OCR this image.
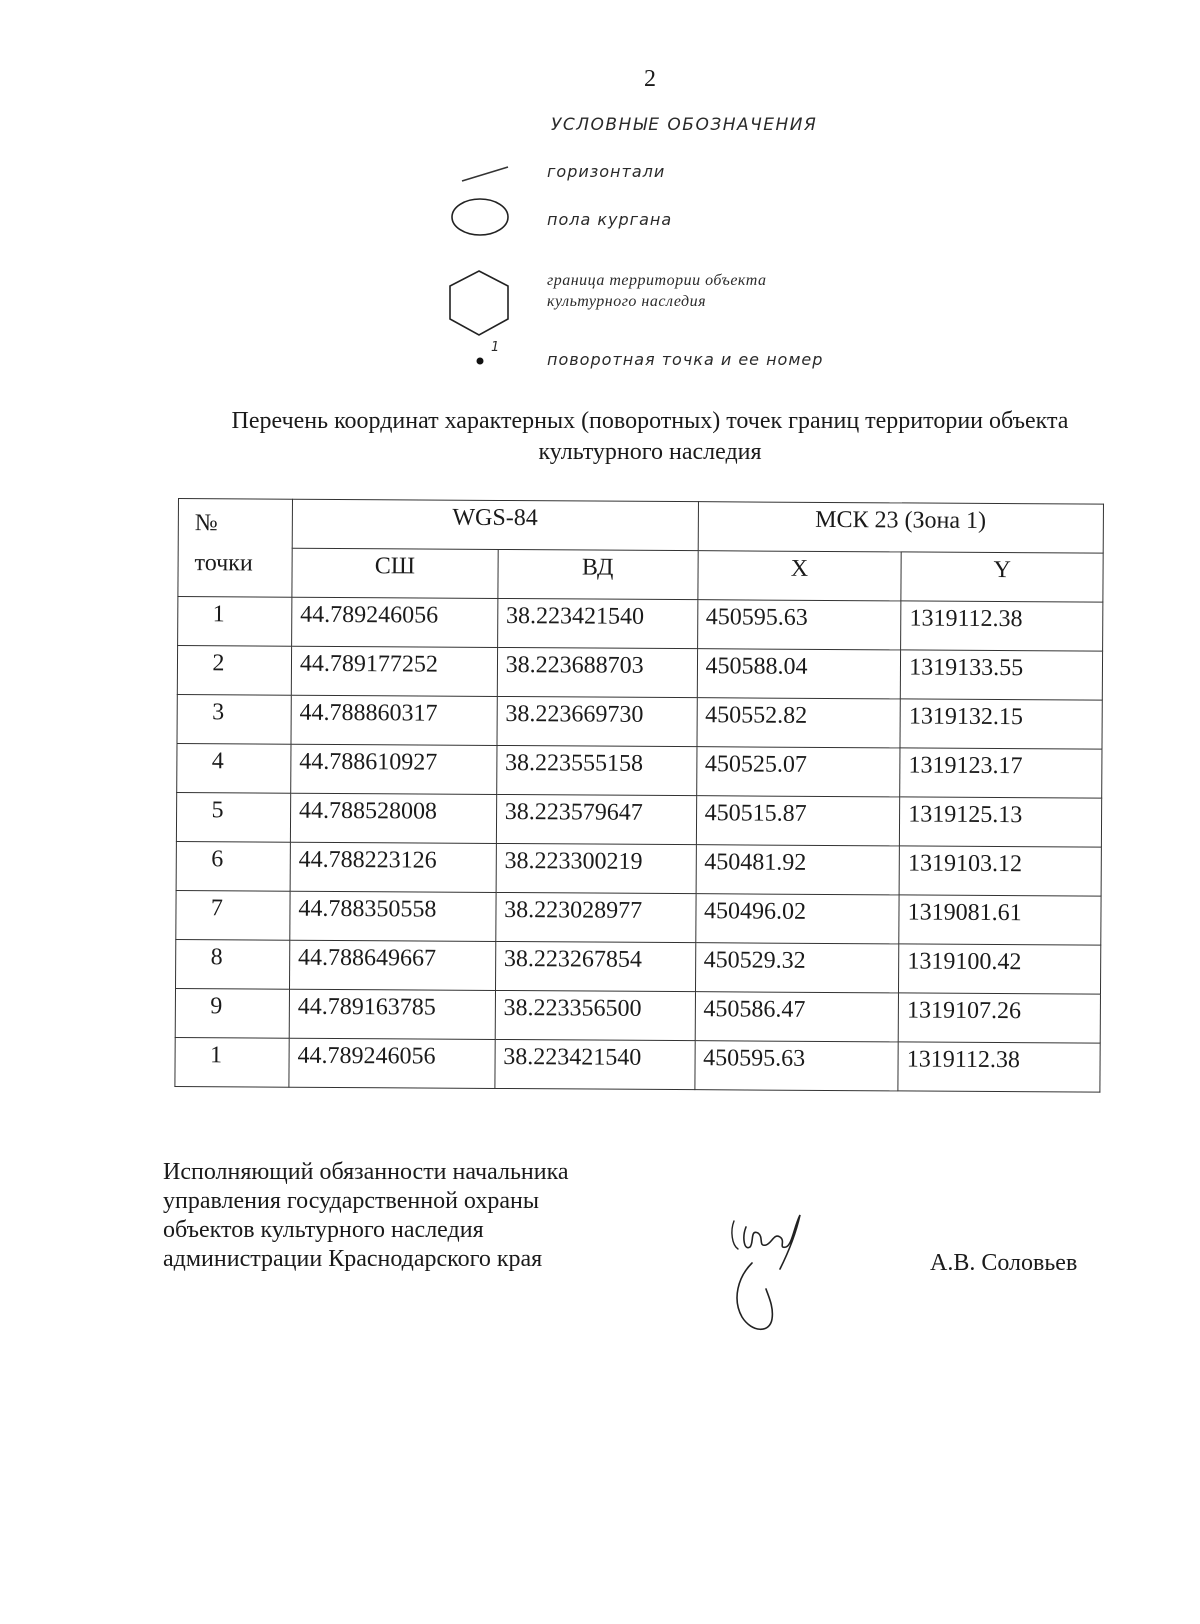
2
УСЛОВНЫЕ ОБОЗНАЧЕНИЯ
горизонтали
пола кургана
граница территории объекта культурного наследия
1
поворотная точка и ее номер
Перечень координат характерных (поворотных) точек границ территории объекта культурного наследия
№
точки	WGS-84		МСК 23 (Зона 1)	
	СШ	ВД	X	Y
1	44.789246056	38.223421540	450595.63	1319112.38
2	44.789177252	38.223688703	450588.04	1319133.55
3	44.788860317	38.223669730	450552.82	1319132.15
4	44.788610927	38.223555158	450525.07	1319123.17
5	44.788528008	38.223579647	450515.87	1319125.13
6	44.788223126	38.223300219	450481.92	1319103.12
7	44.788350558	38.223028977	450496.02	1319081.61
8	44.788649667	38.223267854	450529.32	1319100.42
9	44.789163785	38.223356500	450586.47	1319107.26
1	44.789246056	38.223421540	450595.63	1319112.38
Исполняющий обязанности начальника
управления государственной охраны
объектов культурного наследия
администрации Краснодарского края	А.В. Соловьев
